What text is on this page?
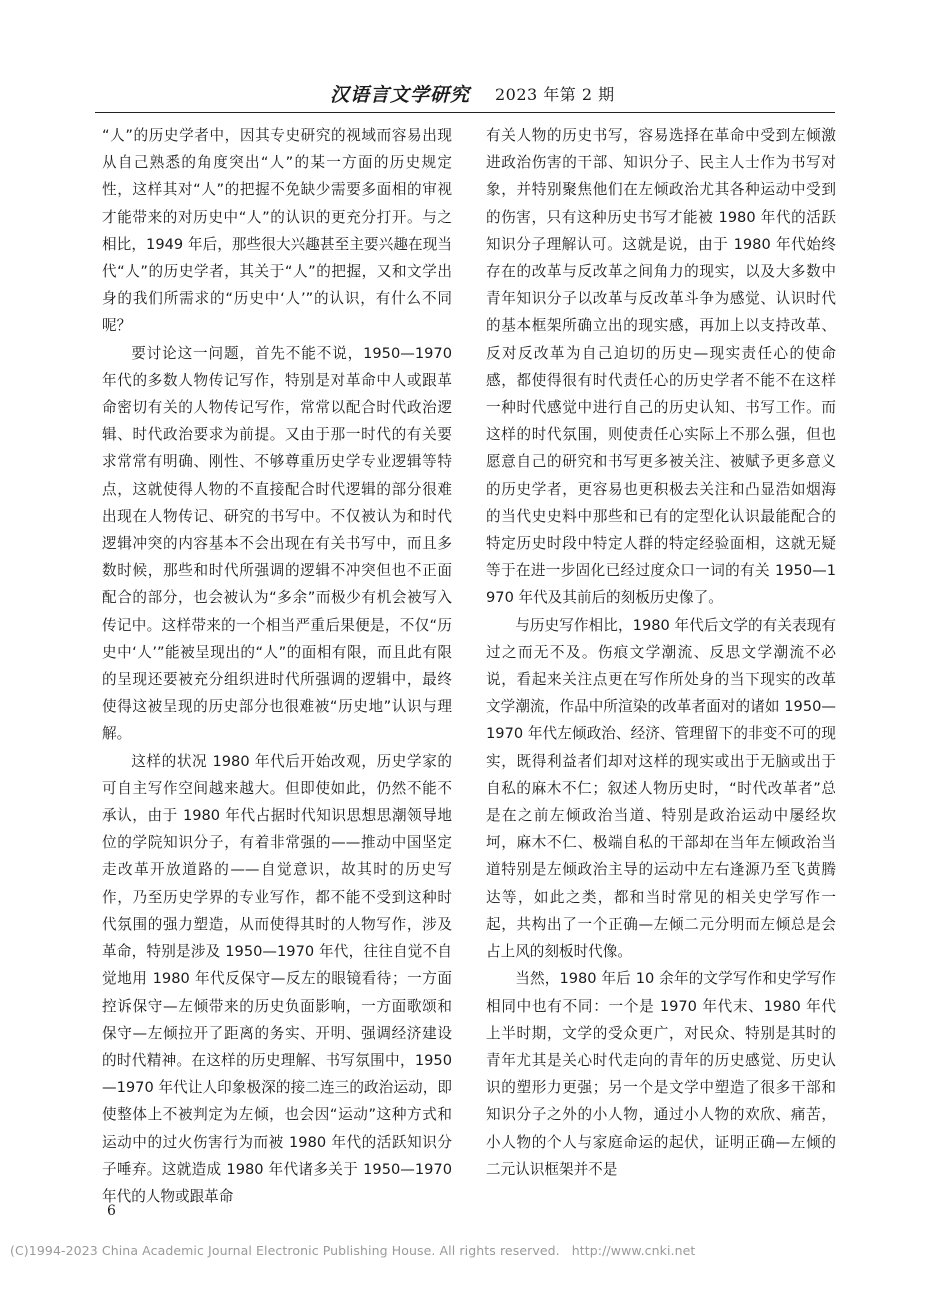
汉语言文学研究 2023 年第 2 期

“人”的历史学者中，因其专史研究的视域而容易出现从自己熟悉的角度突出“人”的某一方面的历史规定性，这样其对“人”的把握不免缺少需要多面相的审视才能带来的对历史中“人”的认识的更充分打开。与之相比，1949 年后，那些很大兴趣甚至主要兴趣在现当代“人”的历史学者，其关于“人”的把握，又和文学出身的我们所需求的“历史中‘人’”的认识，有什么不同呢？

要讨论这一问题，首先不能不说，1950—1970 年代的多数人物传记写作，特别是对革命中人或跟革命密切有关的人物传记写作，常常以配合时代政治逻辑、时代政治要求为前提。又由于那一时代的有关要求常常有明确、刚性、不够尊重历史学专业逻辑等特点，这就使得人物的不直接配合时代逻辑的部分很难出现在人物传记、研究的书写中。不仅被认为和时代逻辑冲突的内容基本不会出现在有关书写中，而且多数时候，那些和时代所强调的逻辑不冲突但也不正面配合的部分，也会被认为“多余”而极少有机会被写入传记中。这样带来的一个相当严重后果便是，不仅“历史中‘人’”能被呈现出的“人”的面相有限，而且此有限的呈现还要被充分组织进时代所强调的逻辑中，最终使得这被呈现的历史部分也很难被“历史地”认识与理解。

这样的状况 1980 年代后开始改观，历史学家的可自主写作空间越来越大。但即使如此，仍然不能不承认，由于 1980 年代占据时代知识思想思潮领导地位的学院知识分子，有着非常强的——推动中国坚定走改革开放道路的——自觉意识，故其时的历史写作，乃至历史学界的专业写作，都不能不受到这种时代氛围的强力塑造，从而使得其时的人物写作，涉及革命，特别是涉及 1950—1970 年代，往往自觉不自觉地用 1980 年代反保守—反左的眼镜看待；一方面控诉保守—左倾带来的历史负面影响，一方面歌颂和保守—左倾拉开了距离的务实、开明、强调经济建设的时代精神。在这样的历史理解、书写氛围中，1950—1970 年代让人印象极深的接二连三的政治运动，即使整体上不被判定为左倾，也会因“运动”这种方式和运动中的过火伤害行为而被 1980 年代的活跃知识分子唾弃。这就造成 1980 年代诸多关于 1950—1970 年代的人物或跟革命

有关人物的历史书写，容易选择在革命中受到左倾激进政治伤害的干部、知识分子、民主人士作为书写对象，并特别聚焦他们在左倾政治尤其各种运动中受到的伤害，只有这种历史书写才能被 1980 年代的活跃知识分子理解认可。这就是说，由于 1980 年代始终存在的改革与反改革之间角力的现实，以及大多数中青年知识分子以改革与反改革斗争为感觉、认识时代的基本框架所确立出的现实感，再加上以支持改革、反对反改革为自己迫切的历史—现实责任心的使命感，都使得很有时代责任心的历史学者不能不在这样一种时代感觉中进行自己的历史认知、书写工作。而这样的时代氛围，则使责任心实际上不那么强，但也愿意自己的研究和书写更多被关注、被赋予更多意义的历史学者，更容易也更积极去关注和凸显浩如烟海的当代史史料中那些和已有的定型化认识最能配合的特定历史时段中特定人群的特定经验面相，这就无疑等于在进一步固化已经过度众口一词的有关 1950—1970 年代及其前后的刻板历史像了。

与历史写作相比，1980 年代后文学的有关表现有过之而无不及。伤痕文学潮流、反思文学潮流不必说，看起来关注点更在写作所处身的当下现实的改革文学潮流，作品中所渲染的改革者面对的诸如 1950—1970 年代左倾政治、经济、管理留下的非变不可的现实，既得利益者们却对这样的现实或出于无脑或出于自私的麻木不仁；叙述人物历史时，“时代改革者”总是在之前左倾政治当道、特别是政治运动中屡经坎坷，麻木不仁、极端自私的干部却在当年左倾政治当道特别是左倾政治主导的运动中左右逢源乃至飞黄腾达等，如此之类，都和当时常见的相关史学写作一起，共构出了一个正确—左倾二元分明而左倾总是会占上风的刻板时代像。

当然，1980 年后 10 余年的文学写作和史学写作相同中也有不同：一个是 1970 年代末、1980 年代上半时期，文学的受众更广，对民众、特别是其时的青年尤其是关心时代走向的青年的历史感觉、历史认识的塑形力更强；另一个是文学中塑造了很多干部和知识分子之外的小人物，通过小人物的欢欣、痛苦，小人物的个人与家庭命运的起伏，证明正确—左倾的二元认识框架并不是

6
(C)1994-2023 China Academic Journal Electronic Publishing House. All rights reserved. http://www.cnki.net
